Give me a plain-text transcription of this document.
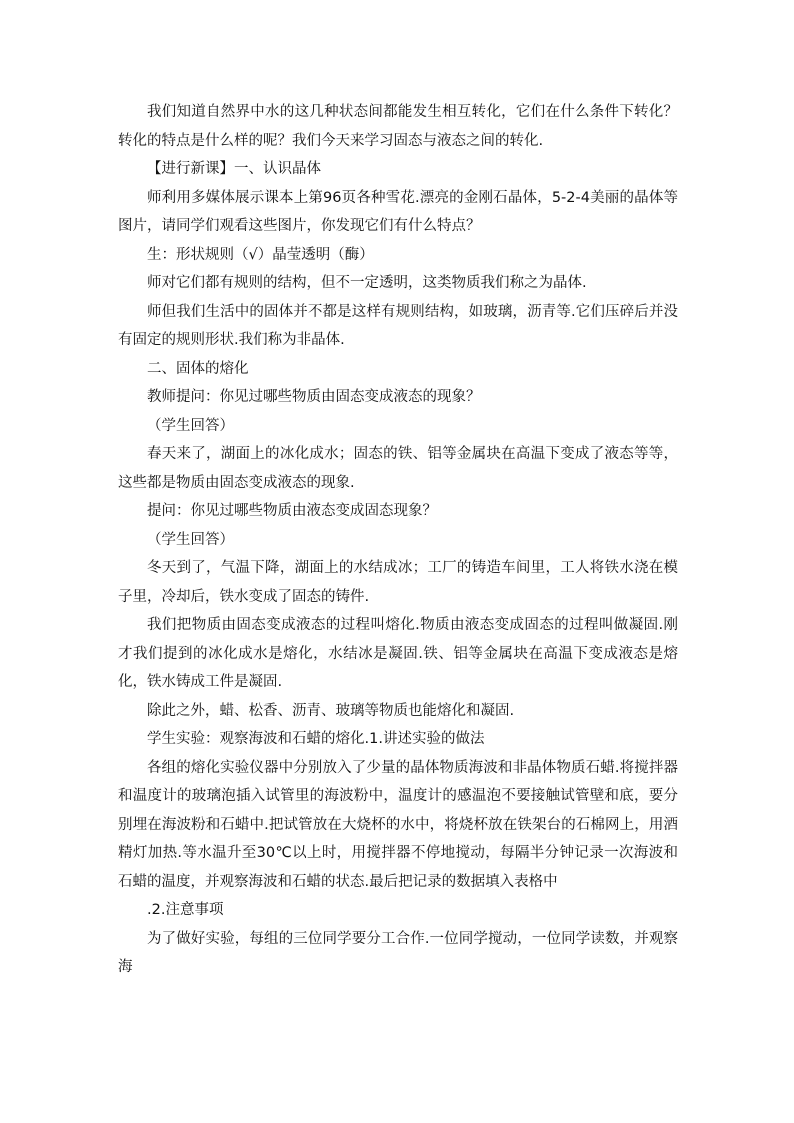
我们知道自然界中水的这几种状态间都能发生相互转化，它们在什么条件下转化？转化的特点是什么样的呢？我们今天来学习固态与液态之间的转化.

【进行新课】一、认识晶体

师利用多媒体展示课本上第96页各种雪花.漂亮的金刚石晶体，5-2-4美丽的晶体等图片，请同学们观看这些图片，你发现它们有什么特点？

生：形状规则（√）晶莹透明（酶）

师对它们都有规则的结构，但不一定透明，这类物质我们称之为晶体.

师但我们生活中的固体并不都是这样有规则结构，如玻璃，沥青等.它们压碎后并没有固定的规则形状.我们称为非晶体.

二、固体的熔化

教师提问：你见过哪些物质由固态变成液态的现象？

（学生回答）

春天来了，湖面上的冰化成水；固态的铁、铝等金属块在高温下变成了液态等等，这些都是物质由固态变成液态的现象.

提问：你见过哪些物质由液态变成固态现象？

（学生回答）

冬天到了，气温下降，湖面上的水结成冰；工厂的铸造车间里，工人将铁水浇在模子里，冷却后，铁水变成了固态的铸件.

我们把物质由固态变成液态的过程叫熔化.物质由液态变成固态的过程叫做凝固.刚才我们提到的冰化成水是熔化，水结冰是凝固.铁、铝等金属块在高温下变成液态是熔化，铁水铸成工件是凝固.

除此之外，蜡、松香、沥青、玻璃等物质也能熔化和凝固.

学生实验：观察海波和石蜡的熔化.1.讲述实验的做法

各组的熔化实验仪器中分别放入了少量的晶体物质海波和非晶体物质石蜡.将搅拌器和温度计的玻璃泡插入试管里的海波粉中，温度计的感温泡不要接触试管壁和底，要分别埋在海波粉和石蜡中.把试管放在大烧杯的水中，将烧杯放在铁架台的石棉网上，用酒精灯加热.等水温升至30℃以上时，用搅拌器不停地搅动，每隔半分钟记录一次海波和石蜡的温度，并观察海波和石蜡的状态.最后把记录的数据填入表格中

.2.注意事项

为了做好实验，每组的三位同学要分工合作.一位同学搅动，一位同学读数，并观察海
